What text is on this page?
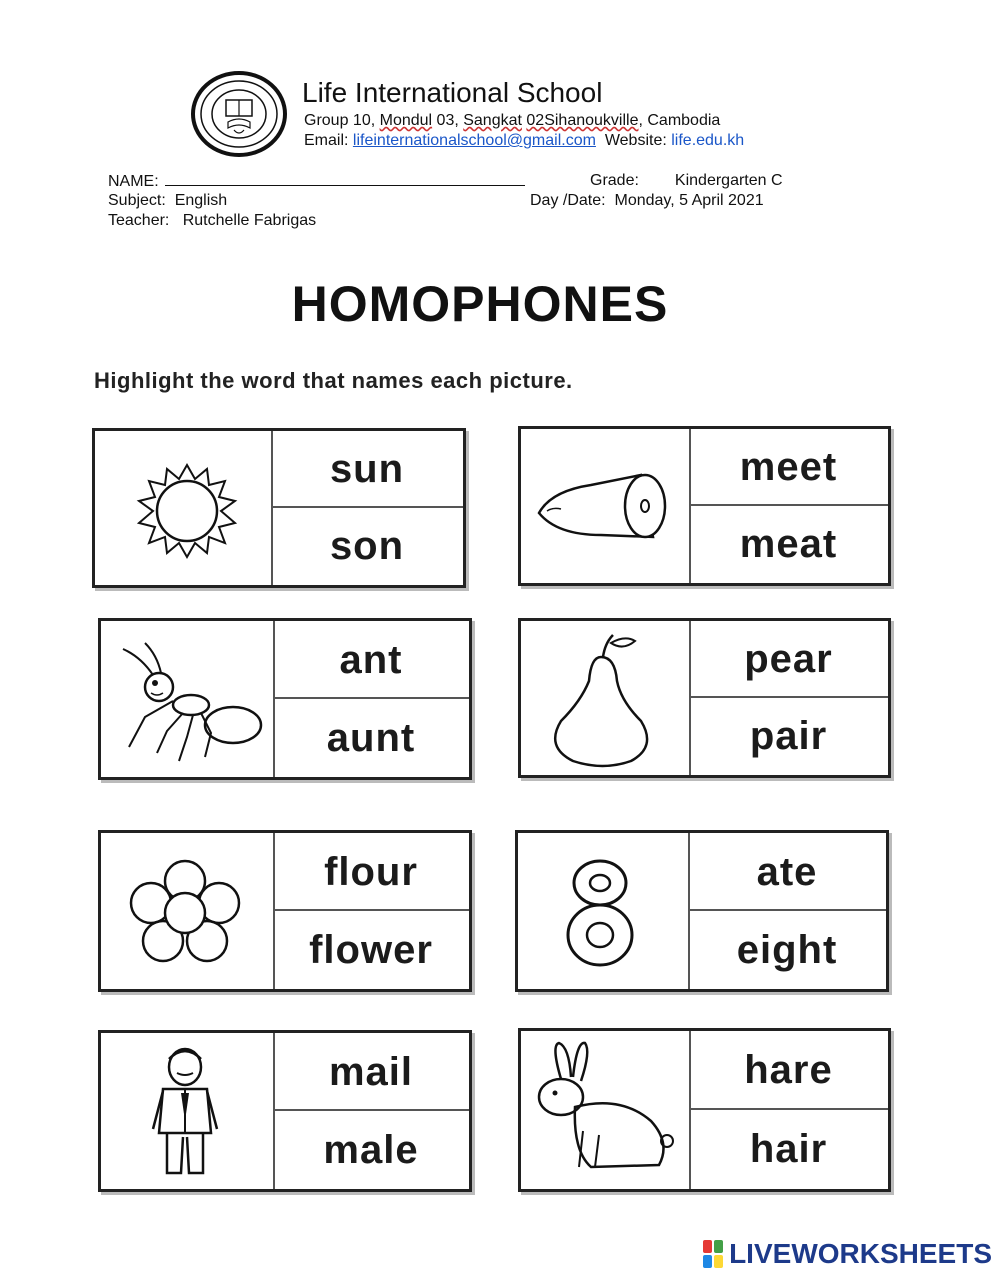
Life International School
Group 10, Mondul 03, Sangkat 02Sihanoukville, Cambodia
Email: lifeinternationalschool@gmail.com Website: life.edu.kh
NAME:	Grade: Kindergarten C
Subject: English	Day /Date: Monday, 5 April 2021
Teacher: Rutchelle Fabrigas
HOMOPHONES
Highlight the word that names each picture.
sun
son
meet
meat
ant
aunt
pear
pair
flour
flower
ate
eight
mail
male
hare
hair
LIVEWORKSHEETS
